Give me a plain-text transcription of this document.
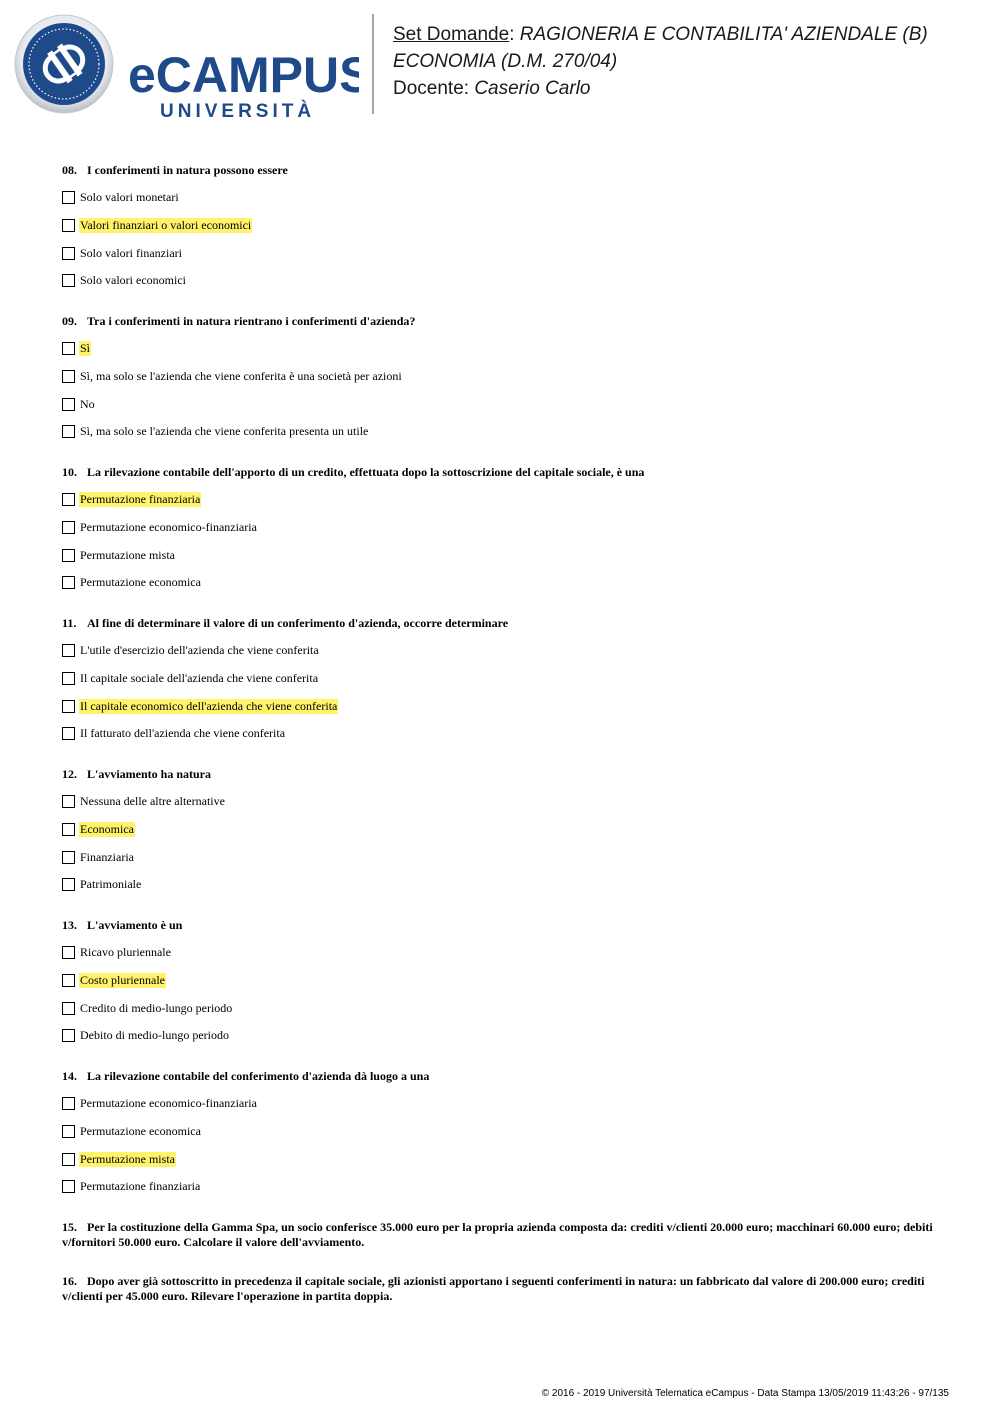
eCAMPUS
UNIVERSITÀ
Set Domande: RAGIONERIA E CONTABILITA' AZIENDALE (B)
ECONOMIA (D.M. 270/04)
Docente: Caserio Carlo
08. I conferimenti in natura possono essere
Solo valori monetari
Valori finanziari o valori economici
Solo valori finanziari
Solo valori economici
09. Tra i conferimenti in natura rientrano i conferimenti d'azienda?
Sì
Sì, ma solo se l'azienda che viene conferita è una società per azioni
No
Sì, ma solo se l'azienda che viene conferita presenta un utile
10. La rilevazione contabile dell'apporto di un credito, effettuata dopo la sottoscrizione del capitale sociale, è una
Permutazione finanziaria
Permutazione economico-finanziaria
Permutazione mista
Permutazione economica
11. Al fine di determinare il valore di un conferimento d'azienda, occorre determinare
L'utile d'esercizio dell'azienda che viene conferita
Il capitale sociale dell'azienda che viene conferita
Il capitale economico dell'azienda che viene conferita
Il fatturato dell'azienda che viene conferita
12. L'avviamento ha natura
Nessuna delle altre alternative
Economica
Finanziaria
Patrimoniale
13. L'avviamento è un
Ricavo pluriennale
Costo pluriennale
Credito di medio-lungo periodo
Debito di medio-lungo periodo
14. La rilevazione contabile del conferimento d'azienda dà luogo a una
Permutazione economico-finanziaria
Permutazione economica
Permutazione mista
Permutazione finanziaria
15. Per la costituzione della Gamma Spa, un socio conferisce 35.000 euro per la propria azienda composta da: crediti v/clienti 20.000 euro; macchinari 60.000 euro; debiti v/fornitori 50.000 euro. Calcolare il valore dell'avviamento.
16. Dopo aver già sottoscritto in precedenza il capitale sociale, gli azionisti apportano i seguenti conferimenti in natura: un fabbricato dal valore di 200.000 euro; crediti v/clienti per 45.000 euro. Rilevare l'operazione in partita doppia.
© 2016 - 2019 Università Telematica eCampus - Data Stampa 13/05/2019 11:43:26 - 97/135
